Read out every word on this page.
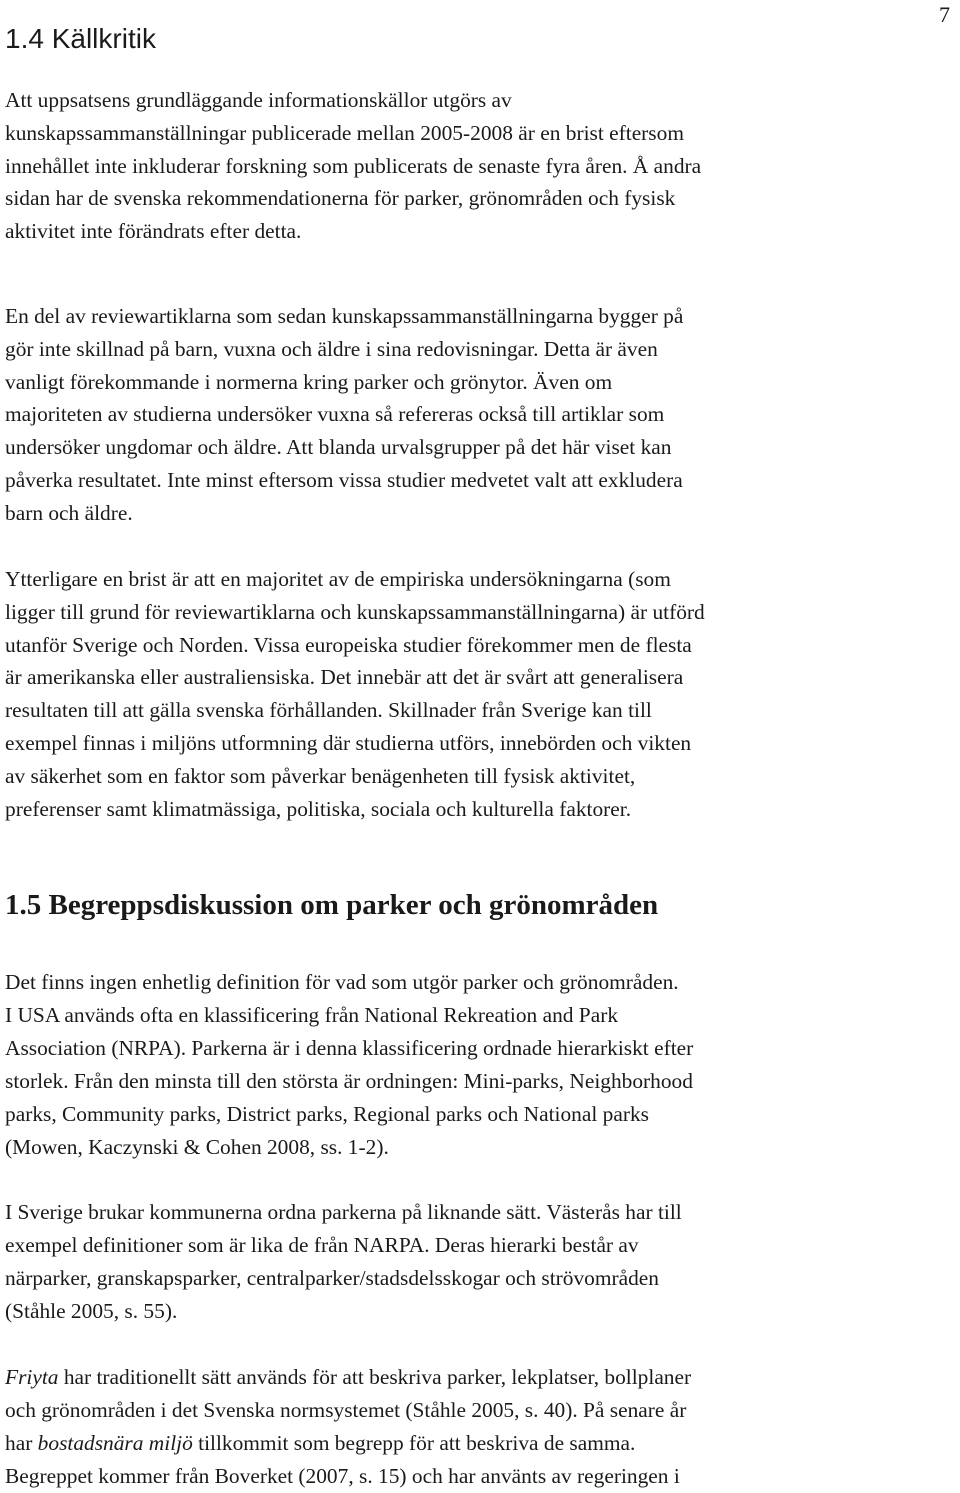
7
1.4 Källkritik

Att uppsatsens grundläggande informationskällor utgörs av
kunskapssammanställningar publicerade mellan 2005-2008 är en brist eftersom
innehållet inte inkluderar forskning som publicerats de senaste fyra åren. Å andra
sidan har de svenska rekommendationerna för parker, grönområden och fysisk
aktivitet inte förändrats efter detta.

En del av reviewartiklarna som sedan kunskapssammanställningarna bygger på
gör inte skillnad på barn, vuxna och äldre i sina redovisningar. Detta är även
vanligt förekommande i normerna kring parker och grönytor. Även om
majoriteten av studierna undersöker vuxna så refereras också till artiklar som
undersöker ungdomar och äldre. Att blanda urvalsgrupper på det här viset kan
påverka resultatet. Inte minst eftersom vissa studier medvetet valt att exkludera
barn och äldre.

Ytterligare en brist är att en majoritet av de empiriska undersökningarna (som
ligger till grund för reviewartiklarna och kunskapssammanställningarna) är utförd
utanför Sverige och Norden. Vissa europeiska studier förekommer men de flesta
är amerikanska eller australiensiska. Det innebär att det är svårt att generalisera
resultaten till att gälla svenska förhållanden. Skillnader från Sverige kan till
exempel finnas i miljöns utformning där studierna utförs, innebörden och vikten
av säkerhet som en faktor som påverkar benägenheten till fysisk aktivitet,
preferenser samt klimatmässiga, politiska, sociala och kulturella faktorer.

1.5 Begreppsdiskussion om parker och grönområden

Det finns ingen enhetlig definition för vad som utgör parker och grönområden.
I USA används ofta en klassificering från National Rekreation and Park
Association (NRPA). Parkerna är i denna klassificering ordnade hierarkiskt efter
storlek. Från den minsta till den största är ordningen: Mini-parks, Neighborhood
parks, Community parks, District parks, Regional parks och National parks
(Mowen, Kaczynski & Cohen 2008, ss. 1-2).

I Sverige brukar kommunerna ordna parkerna på liknande sätt. Västerås har till
exempel definitioner som är lika de från NARPA. Deras hierarki består av
närparker, granskapsparker, centralparker/stadsdelsskogar och strövområden
(Ståhle 2005, s. 55).

Friyta har traditionellt sätt används för att beskriva parker, lekplatser, bollplaner
och grönområden i det Svenska normsystemet (Ståhle 2005, s. 40). På senare år
har bostadsnära miljö tillkommit som begrepp för att beskriva de samma.
Begreppet kommer från Boverket (2007, s. 15) och har använts av regeringen i
